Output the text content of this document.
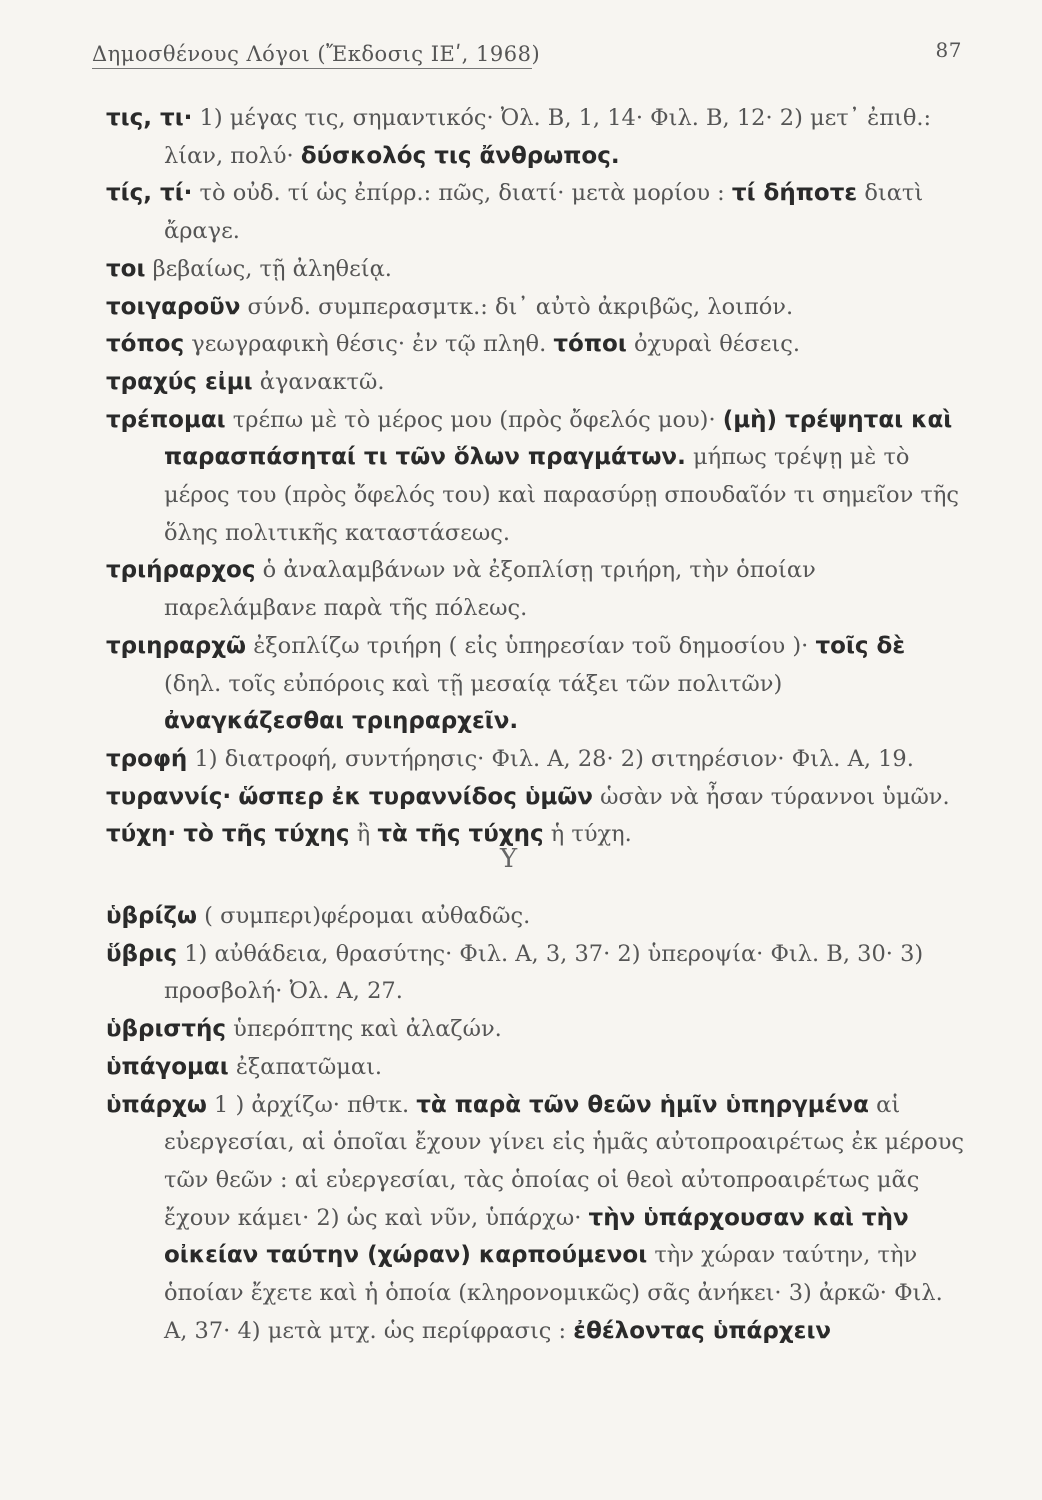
Δημοσθένους Λόγοι (Ἔκδοσις ΙΕʹ, 1968)	87

τις, τι· 1) μέγας τις, σημαντικός· Ὀλ. Β, 1, 14· Φιλ. Β, 12· 2) μετ᾽ ἐπιθ.: λίαν, πολύ· δύσκολός τις ἄνθρωπος.

τίς, τί· τὸ οὐδ. τί ὡς ἐπίρρ.: πῶς, διατί· μετὰ μορίου : τί δήποτε διατὶ ἄραγε.

τοι βεβαίως, τῇ ἀληθείᾳ.

τοιγαροῦν σύνδ. συμπερασμτκ.: δι᾽ αὐτὸ ἀκριβῶς, λοιπόν.

τόπος γεωγραφικὴ θέσις· ἐν τῷ πληθ. τόποι ὀχυραὶ θέσεις.

τραχύς εἰμι ἀγανακτῶ.

τρέπομαι τρέπω μὲ τὸ μέρος μου (πρὸς ὄφελός μου)· (μὴ) τρέψηται καὶ παρασπάσηταί τι τῶν ὅλων πραγμάτων. μήπως τρέψῃ μὲ τὸ μέρος του (πρὸς ὄφελός του) καὶ παρασύρῃ σπουδαῖόν τι σημεῖον τῆς ὅλης πολιτικῆς καταστάσεως.

τριήραρχος ὁ ἀναλαμβάνων νὰ ἐξοπλίσῃ τριήρη, τὴν ὁποίαν παρελάμβανε παρὰ τῆς πόλεως.

τριηραρχῶ ἐξοπλίζω τριήρη ( εἰς ὑπηρεσίαν τοῦ δημοσίου )· τοῖς δὲ (δηλ. τοῖς εὐπόροις καὶ τῇ μεσαίᾳ τάξει τῶν πολιτῶν) ἀναγκάζεσθαι τριηραρχεῖν.

τροφή 1) διατροφή, συντήρησις· Φιλ. Α, 28· 2) σιτηρέσιον· Φιλ. Α, 19.

τυραννίς· ὥσπερ ἐκ τυραννίδος ὑμῶν ὡσὰν νὰ ἦσαν τύραννοι ὑμῶν.

τύχη· τὸ τῆς τύχης ἢ τὰ τῆς τύχης ἡ τύχη.

Υ

ὑβρίζω ( συμπερι)φέρομαι αὐθαδῶς.

ὕβρις 1) αὐθάδεια, θρασύτης· Φιλ. Α, 3, 37· 2) ὑπεροψία· Φιλ. Β, 30· 3) προσβολή· Ὀλ. Α, 27.

ὑβριστής ὑπερόπτης καὶ ἀλαζών.

ὑπάγομαι ἐξαπατῶμαι.

ὑπάρχω 1 ) ἀρχίζω· πθτκ. τὰ παρὰ τῶν θεῶν ἡμῖν ὑπηργμένα αἱ εὐεργεσίαι, αἱ ὁποῖαι ἔχουν γίνει εἰς ἡμᾶς αὐτοπροαιρέτως ἐκ μέρους τῶν θεῶν : αἱ εὐεργεσίαι, τὰς ὁποίας οἱ θεοὶ αὐτοπροαιρέτως μᾶς ἔχουν κάμει· 2) ὡς καὶ νῦν, ὑπάρχω· τὴν ὑπάρχουσαν καὶ τὴν οἰκείαν ταύτην (χώραν) καρπούμενοι τὴν χώραν ταύτην, τὴν ὁποίαν ἔχετε καὶ ἡ ὁποία (κληρονομικῶς) σᾶς ἀνήκει· 3) ἀρκῶ· Φιλ. Α, 37· 4) μετὰ μτχ. ὡς περίφρασις : ἐθέλοντας ὑπάρχειν
